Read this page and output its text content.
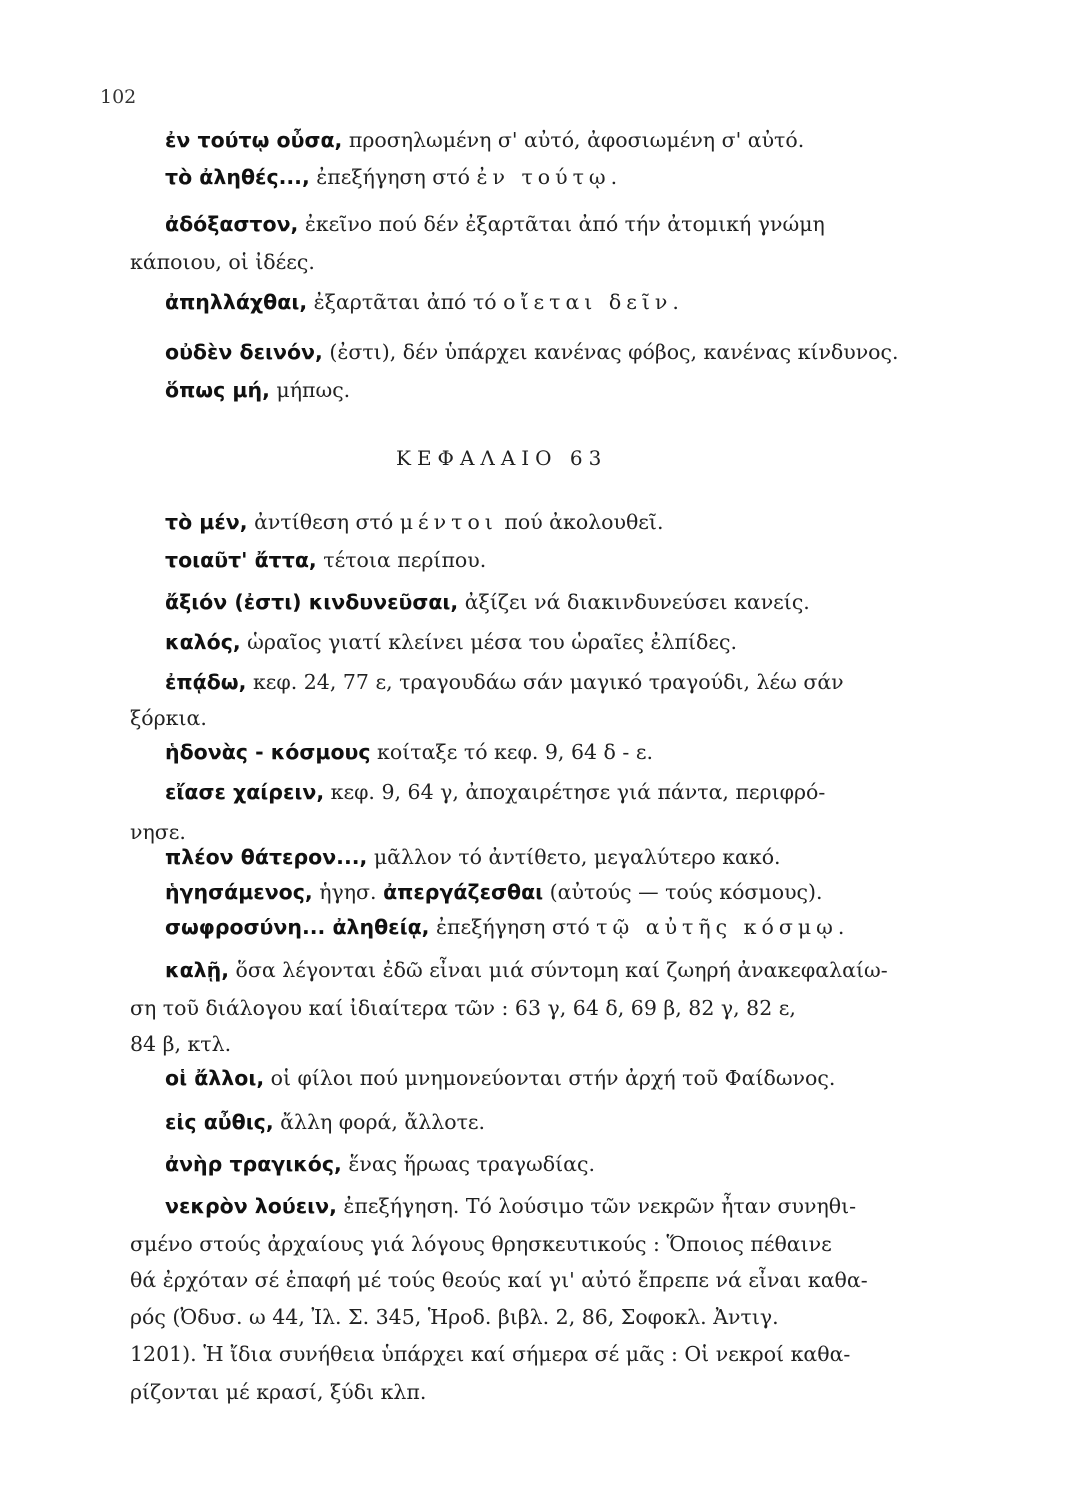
102
ἐν τούτῳ οὖσα, προσηλωμένη σ' αὐτό, ἀφοσιωμένη σ' αὐτό.
τὸ ἀληθές..., ἐπεξήγηση στό ἐν τούτῳ.
ἀδόξαστον, ἐκεῖνο πού δέν ἐξαρτᾶται ἀπό τήν ἀτομική γνώμη
κάποιου, οἱ ἰδέες.
ἀπηλλάχθαι, ἐξαρτᾶται ἀπό τό οἴεται δεῖν.
οὐδὲν δεινόν, (ἐστι), δέν ὑπάρχει κανένας φόβος, κανένας κίνδυνος.
ὅπως μή, μήπως.
ΚΕΦΑΛΑΙΟ 63
τὸ μέν, ἀντίθεση στό μέντοι πού ἀκολουθεῖ.
τοιαῦτ' ἄττα, τέτοια περίπου.
ἄξιόν (ἐστι) κινδυνεῦσαι, ἀξίζει νά διακινδυνεύσει κανείς.
καλός, ὡραῖος γιατί κλείνει μέσα του ὡραῖες ἐλπίδες.
ἐπᾴδω, κεφ. 24, 77 ε, τραγουδάω σάν μαγικό τραγούδι, λέω σάν
ξόρκια.
ἡδονὰς - κόσμους κοίταξε τό κεφ. 9, 64 δ - ε.
εἴασε χαίρειν, κεφ. 9, 64 γ, ἀποχαιρέτησε γιά πάντα, περιφρό-
νησε.
πλέον θάτερον..., μᾶλλον τό ἀντίθετο, μεγαλύτερο κακό.
ἡγησάμενος, ἡγησ. ἀπεργάζεσθαι (αὐτούς — τούς κόσμους).
σωφροσύνη... ἀληθείᾳ, ἐπεξήγηση στό τῷ αὐτῆς κόσμῳ.
καλῇ, ὅσα λέγονται ἐδῶ εἶναι μιά σύντομη καί ζωηρή ἀνακεφαλαίω-
ση τοῦ διάλογου καί ἰδιαίτερα τῶν : 63 γ, 64 δ, 69 β, 82 γ, 82 ε,
84 β, κτλ.
οἱ ἄλλοι, οἱ φίλοι πού μνημονεύονται στήν ἀρχή τοῦ Φαίδωνος.
εἰς αὖθις, ἄλλη φορά, ἄλλοτε.
ἀνὴρ τραγικός, ἕνας ἥρωας τραγωδίας.
νεκρὸν λούειν, ἐπεξήγηση. Τό λούσιμο τῶν νεκρῶν ἦταν συνηθι-
σμένο στούς ἀρχαίους γιά λόγους θρησκευτικούς : Ὅποιος πέθαινε
θά ἐρχόταν σέ ἐπαφή μέ τούς θεούς καί γι' αὐτό ἔπρεπε νά εἶναι καθα-
ρός (Ὀδυσ. ω 44, Ἰλ. Σ. 345, Ἡροδ. βιβλ. 2, 86, Σοφοκλ. Ἀντιγ.
1201). Ἡ ἴδια συνήθεια ὑπάρχει καί σήμερα σέ μᾶς : Οἱ νεκροί καθα-
ρίζονται μέ κρασί, ξύδι κλπ.
